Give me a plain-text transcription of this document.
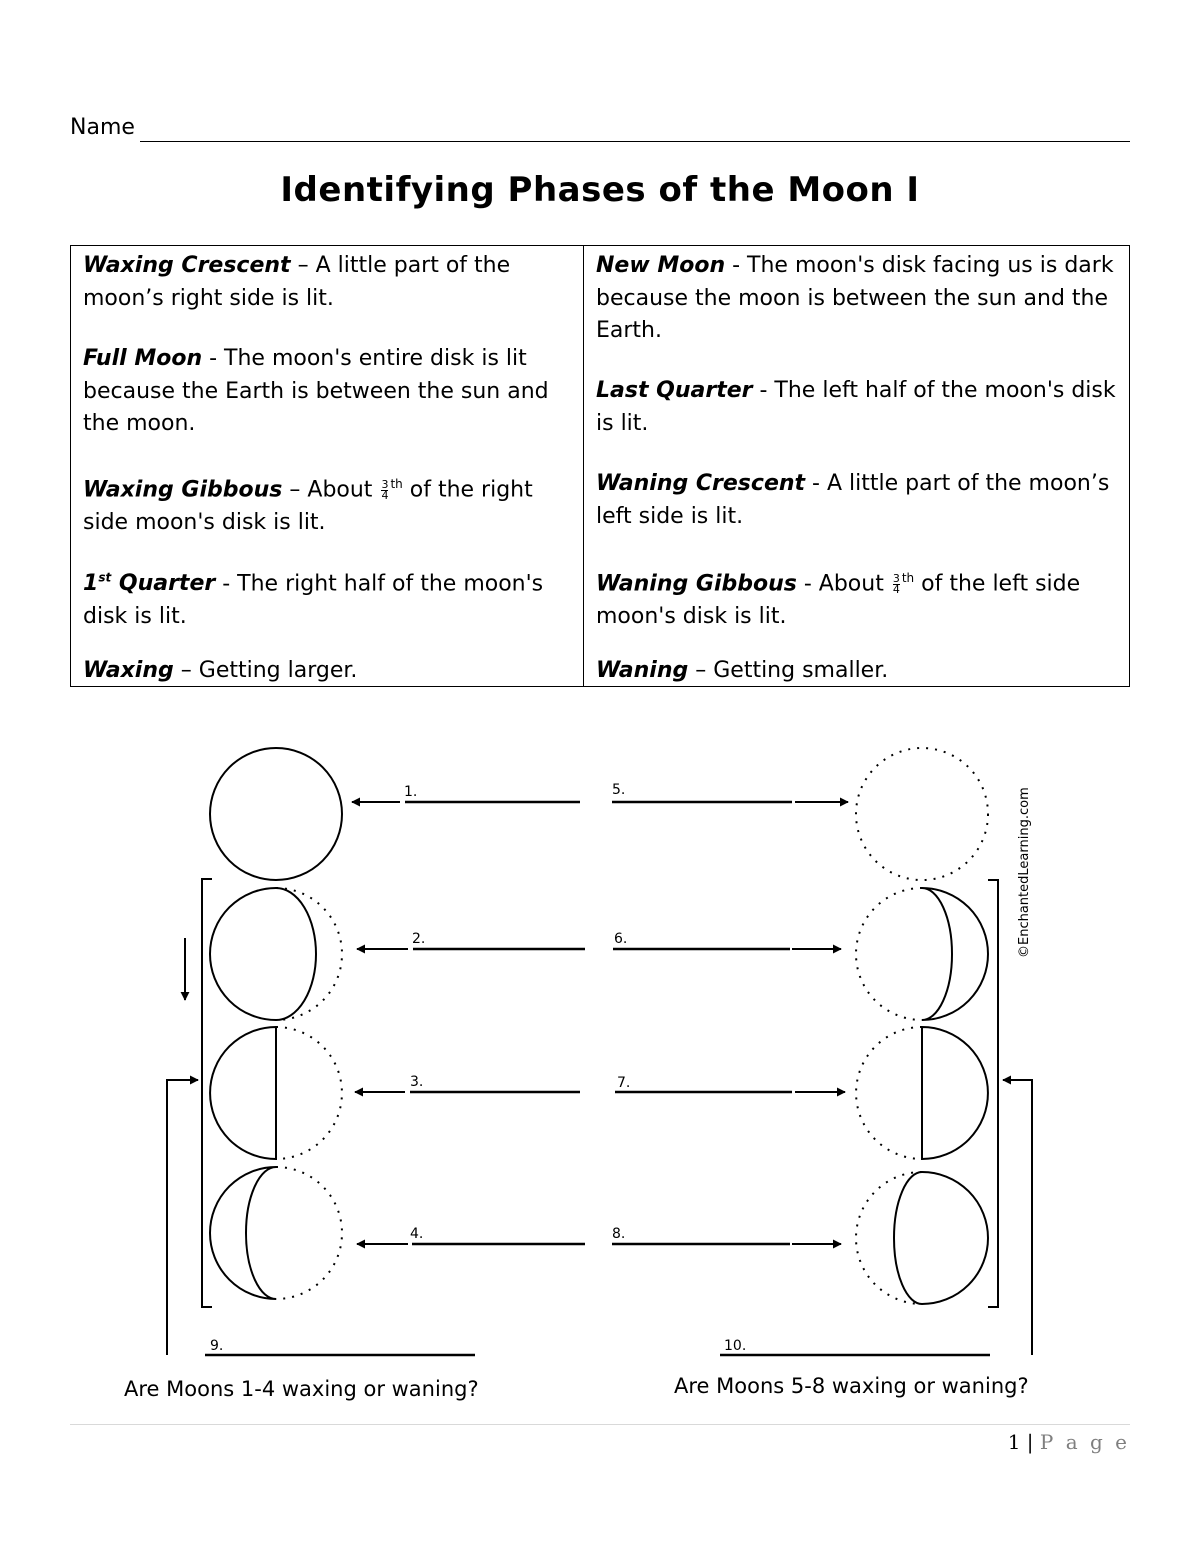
Name
Identifying Phases of the Moon I

Waxing Crescent – A little part of the moon’s right side is lit.

Full Moon - The moon's entire disk is lit because the Earth is between the sun and the moon.

Waxing Gibbous – About $\frac{3}{4} ^{th}$ of the right side moon's disk is lit.

1st Quarter - The right half of the moon's disk is lit.

Waxing – Getting larger.

New Moon - The moon's disk facing us is dark because the moon is between the sun and the Earth.

Last Quarter - The left half of the moon's disk is lit.

Waning Crescent - A little part of the moon’s left side is lit.

Waning Gibbous - About $\frac{3}{4} ^{th}$ of the left side moon's disk is lit.

Waning – Getting smaller.

1.
2.
3.
4.
5.
6.
7.
8.
9.	10.
©EnchantedLearning.com
Are Moons 1-4 waxing or waning?	Are Moons 5-8 waxing or waning?
1 | P a g e
